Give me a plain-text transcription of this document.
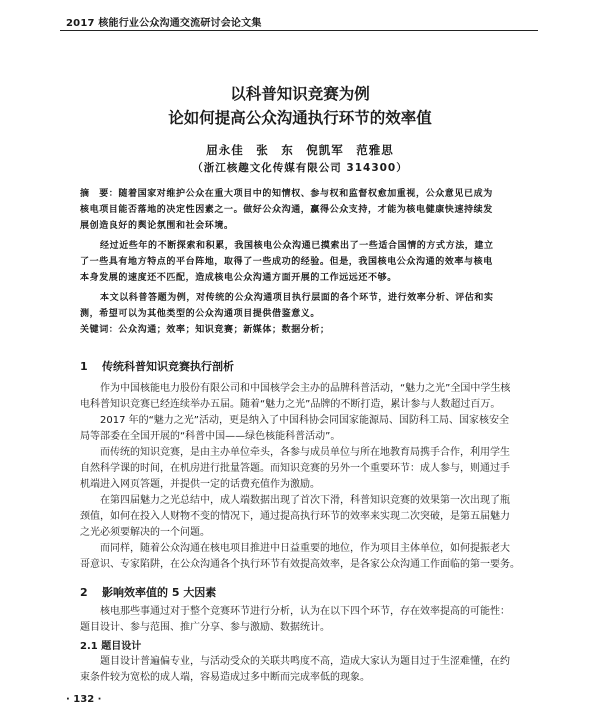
2017 核能行业公众沟通交流研讨会论文集
以科普知识竞赛为例
论如何提高公众沟通执行环节的效率值
屈永佳　张　东　倪凯军　范雅思
（浙江核趣文化传媒有限公司 314300）
摘　要：随着国家对维护公众在重大项目中的知情权、参与权和监督权愈加重视，公众意见已成为
核电项目能否落地的决定性因素之一。做好公众沟通，赢得公众支持，才能为核电健康快速持续发
展创造良好的舆论氛围和社会环境。
经过近些年的不断探索和积累，我国核电公众沟通已摸索出了一些适合国情的方式方法，建立
了一些具有地方特点的平台阵地，取得了一些成功的经验。但是，我国核电公众沟通的效率与核电
本身发展的速度还不匹配，造成核电公众沟通方面开展的工作远远还不够。
本文以科普答题为例，对传统的公众沟通项目执行层面的各个环节，进行效率分析、评估和实
测，希望可以为其他类型的公众沟通项目提供借鉴意义。
关键词：公众沟通；效率；知识竞赛；新媒体；数据分析；
1 传统科普知识竞赛执行剖析
作为中国核能电力股份有限公司和中国核学会主办的品牌科普活动，“魅力之光”全国中学生核
电科普知识竞赛已经连续举办五届。随着“魅力之光”品牌的不断打造，累计参与人数超过百万。
2017 年的“魅力之光”活动，更是纳入了中国科协会同国家能源局、国防科工局、国家核安全
局等部委在全国开展的“科普中国——绿色核能科普活动”。
而传统的知识竞赛，是由主办单位牵头，各参与成员单位与所在地教育局携手合作，利用学生
自然科学课的时间，在机房进行批量答题。而知识竞赛的另外一个重要环节：成人参与，则通过手
机端进入网页答题，并提供一定的话费充值作为激励。
在第四届魅力之光总结中，成人端数据出现了首次下滑，科普知识竞赛的效果第一次出现了瓶
颈值，如何在投入人财物不变的情况下，通过提高执行环节的效率来实现二次突破，是第五届魅力
之光必须要解决的一个问题。
而同样，随着公众沟通在核电项目推进中日益重要的地位，作为项目主体单位，如何提振老大
哥意识、专家陷阱，在公众沟通各个执行环节有效提高效率，是各家公众沟通工作面临的第一要务。
2 影响效率值的 5 大因素
核电那些事通过对于整个竞赛环节进行分析，认为在以下四个环节，存在效率提高的可能性：
题目设计、参与范围、推广分享、参与激励、数据统计。
2.1 题目设计
题目设计普遍偏专业，与活动受众的关联共鸣度不高，造成大家认为题目过于生涩难懂，在约
束条件较为宽松的成人端，容易造成过多中断而完成率低的现象。
· 132 ·
